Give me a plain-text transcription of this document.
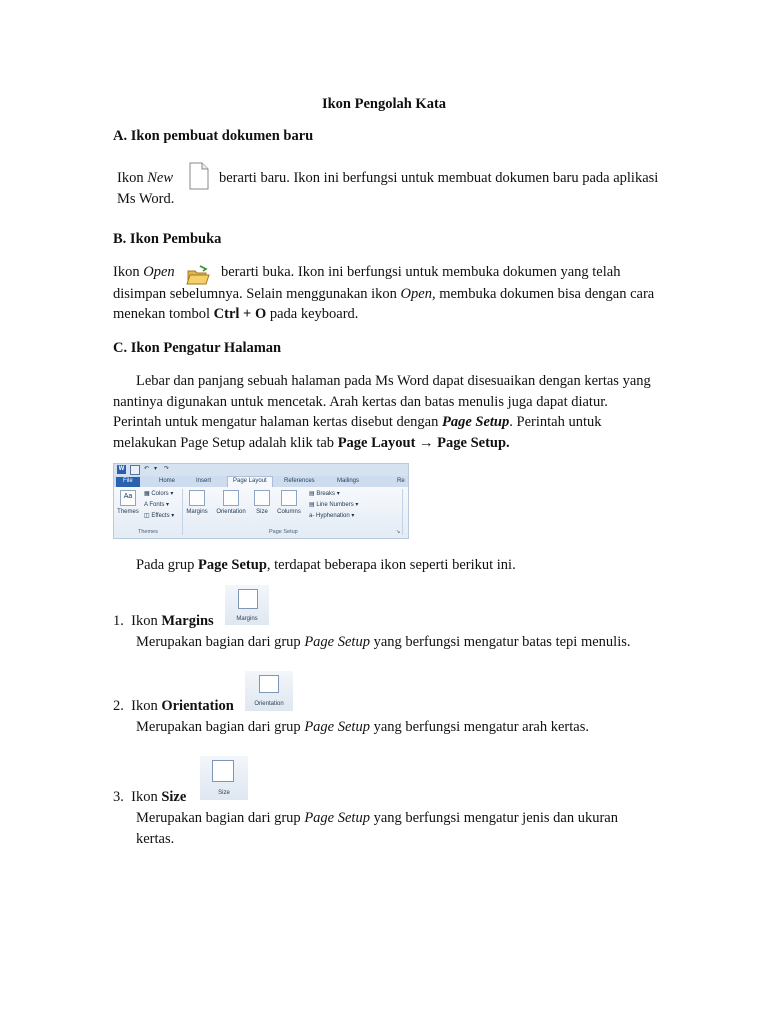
Ikon Pengolah Kata
A. Ikon pembuat dokumen baru
Ikon New	berarti baru. Ikon ini berfungsi untuk membuat dokumen baru pada aplikasi
Ms Word.
B. Ikon Pembuka
Ikon Open	berarti buka. Ikon ini berfungsi untuk membuka dokumen yang telah
disimpan sebelumnya. Selain menggunakan ikon Open, membuka dokumen bisa dengan cara
menekan tombol Ctrl + O pada keyboard.
C. Ikon Pengatur Halaman
Lebar dan panjang sebuah halaman pada Ms Word dapat disesuaikan dengan kertas yang
nantinya digunakan untuk mencetak. Arah kertas dan batas menulis juga dapat diatur.
Perintah untuk mengatur halaman kertas disebut dengan Page Setup. Perintah untuk
melakukan Page Setup adalah klik tab Page Layout → Page Setup.
W	↶ ▾ ↷
File	Home	Insert	Page Layout	References	Mailings	Re
Aa
Themes
▦ Colors ▾
A Fonts ▾
◫ Effects ▾
Themes
Margins	Orientation	Size	Columns
▤ Breaks ▾
▤ Line Numbers ▾
a- Hyphenation ▾
Page Setup	↘
Pada grup Page Setup, terdapat beberapa ikon seperti berikut ini.
1. Ikon Margins	Margins
Merupakan bagian dari grup Page Setup yang berfungsi mengatur batas tepi menulis.
2. Ikon Orientation	Orientation
Merupakan bagian dari grup Page Setup yang berfungsi mengatur arah kertas.
3. Ikon Size	Size
Merupakan bagian dari grup Page Setup yang berfungsi mengatur jenis dan ukuran
kertas.
